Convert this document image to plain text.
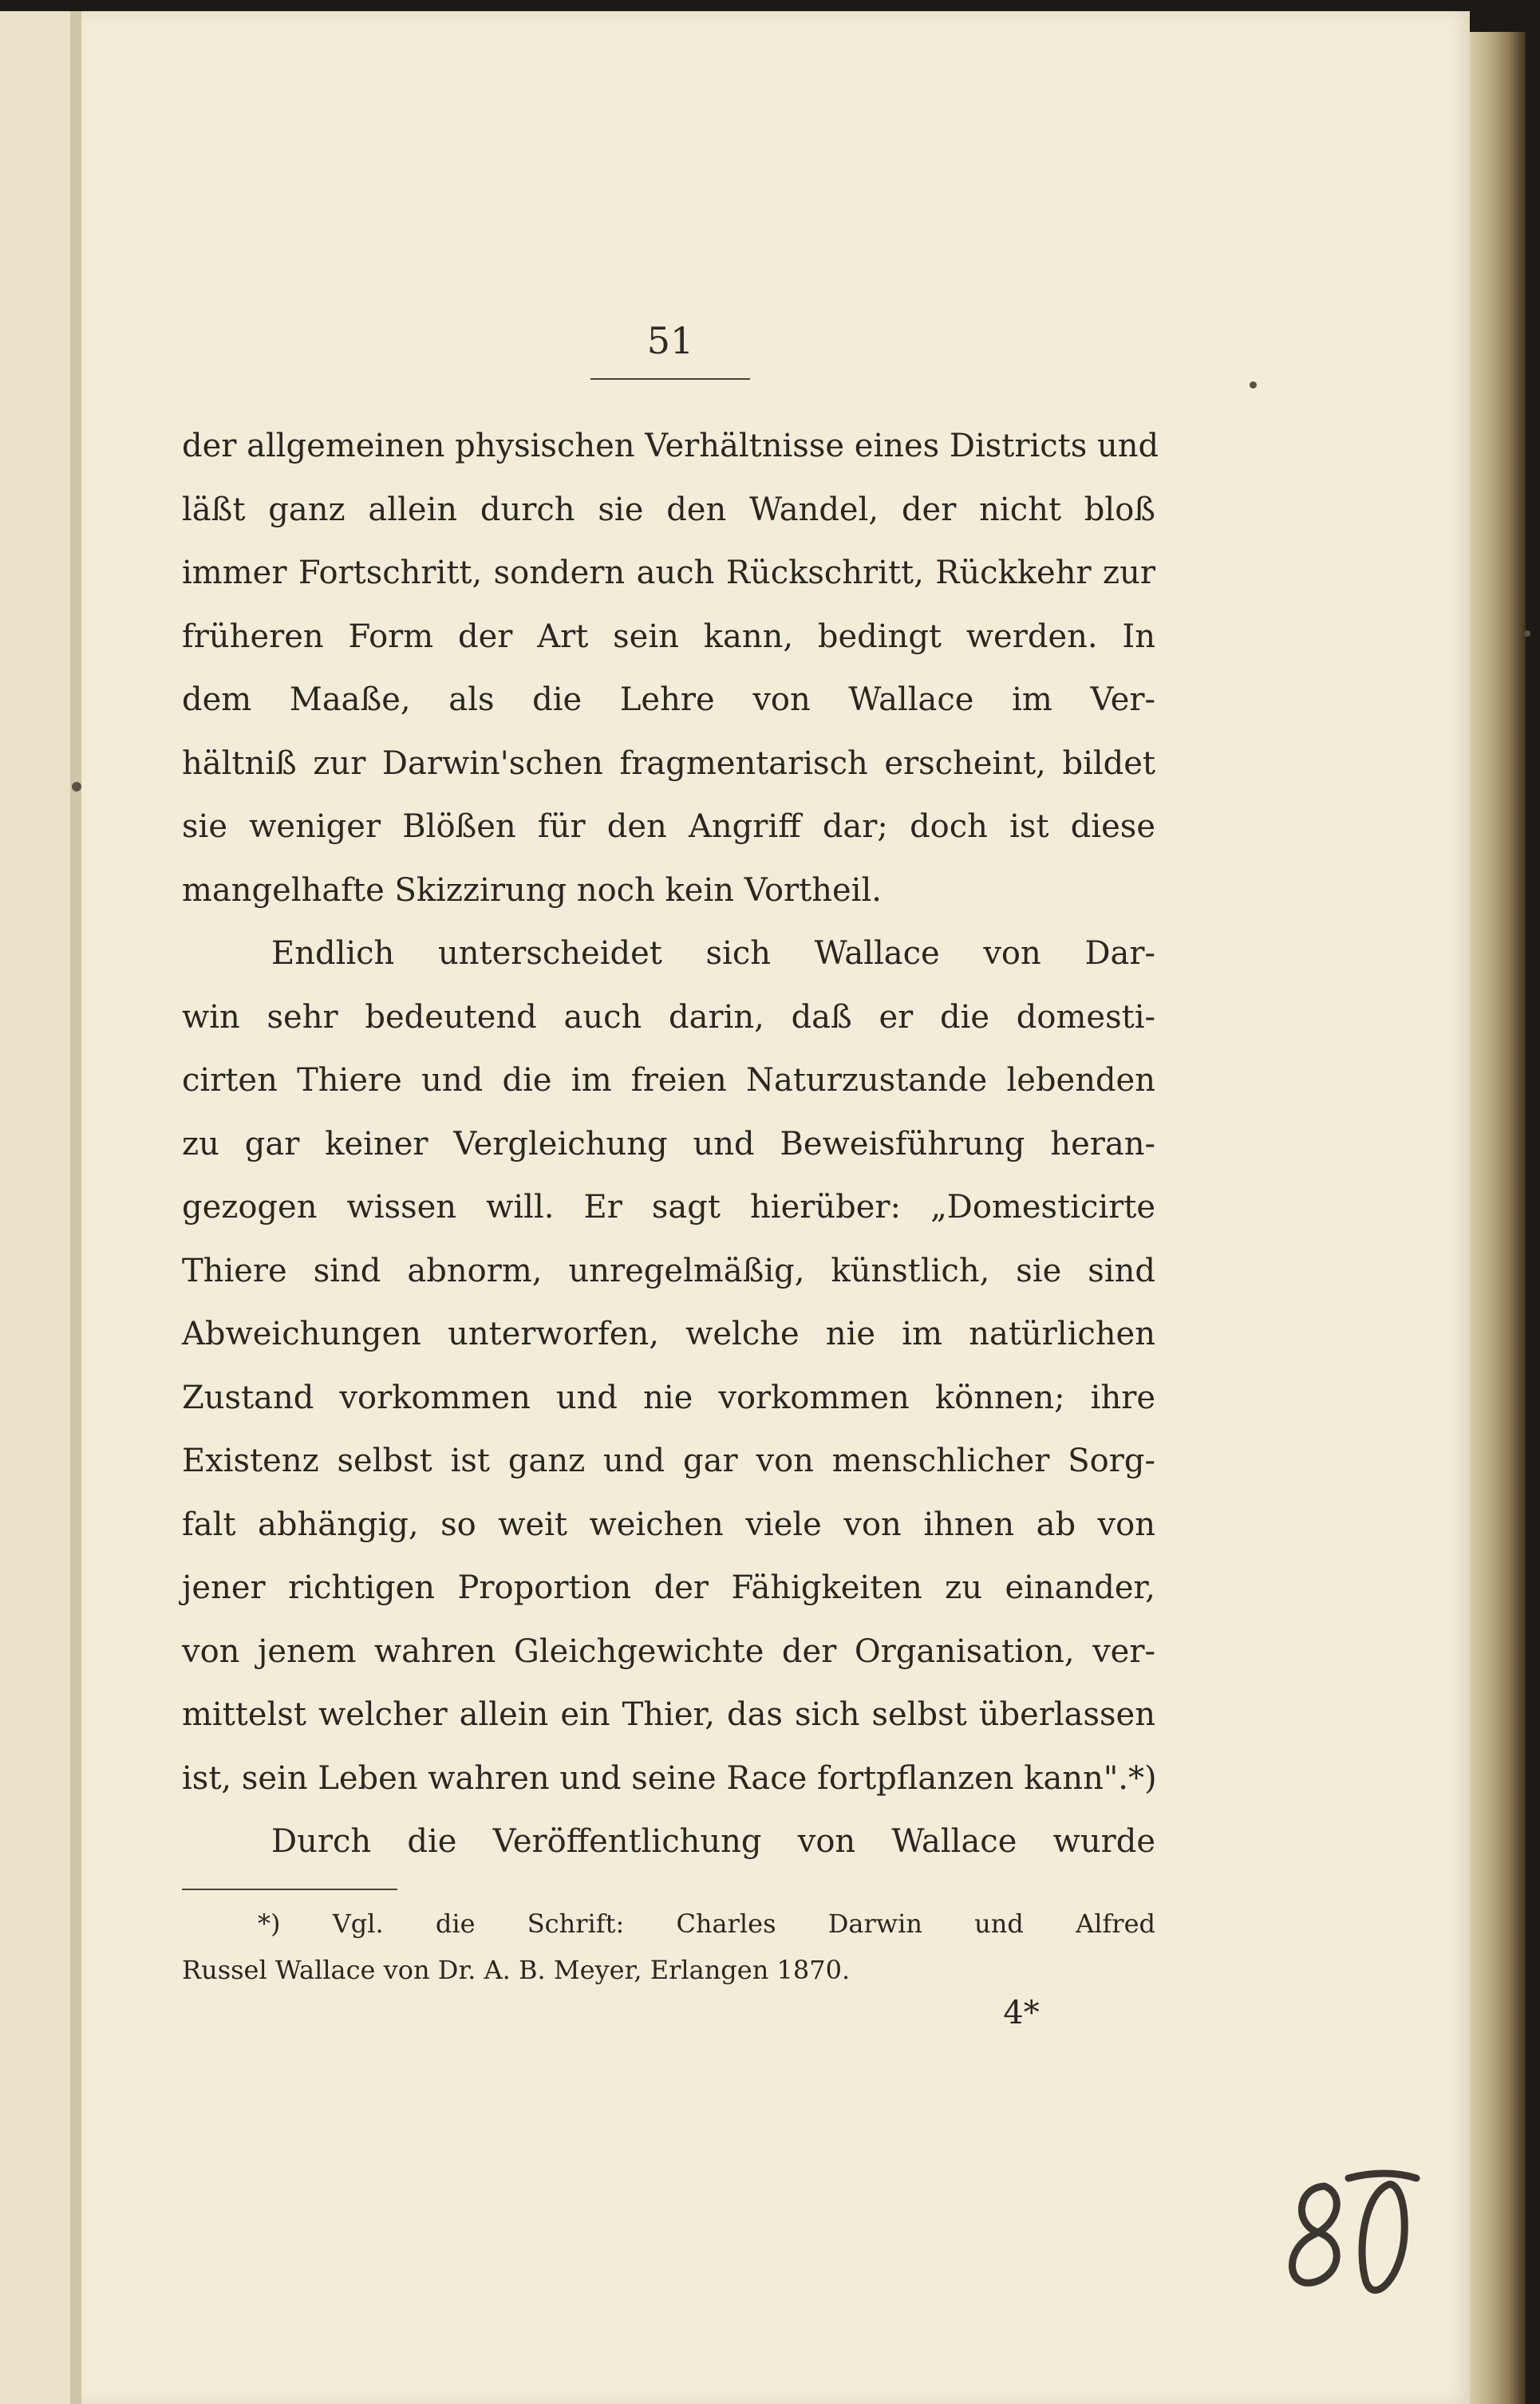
51
der allgemeinen physischen Verhältnisse eines Districts und
läßt ganz allein durch sie den Wandel, der nicht bloß
immer Fortschritt, sondern auch Rückschritt, Rückkehr zur
früheren Form der Art sein kann, bedingt werden. In
dem Maaße, als die Lehre von Wallace im Ver-
hältniß zur Darwin'schen fragmentarisch erscheint, bildet
sie weniger Blößen für den Angriff dar; doch ist diese
mangelhafte Skizzirung noch kein Vortheil.
Endlich unterscheidet sich Wallace von Dar-
win sehr bedeutend auch darin, daß er die domesti-
cirten Thiere und die im freien Naturzustande lebenden
zu gar keiner Vergleichung und Beweisführung heran-
gezogen wissen will. Er sagt hierüber: „Domesticirte
Thiere sind abnorm, unregelmäßig, künstlich, sie sind
Abweichungen unterworfen, welche nie im natürlichen
Zustand vorkommen und nie vorkommen können; ihre
Existenz selbst ist ganz und gar von menschlicher Sorg-
falt abhängig, so weit weichen viele von ihnen ab von
jener richtigen Proportion der Fähigkeiten zu einander,
von jenem wahren Gleichgewichte der Organisation, ver-
mittelst welcher allein ein Thier, das sich selbst überlassen
ist, sein Leben wahren und seine Race fortpflanzen kann".*)
Durch die Veröffentlichung von Wallace wurde
*) Vgl. die Schrift: Charles Darwin und Alfred
Russel Wallace von Dr. A. B. Meyer, Erlangen 1870.
4*
